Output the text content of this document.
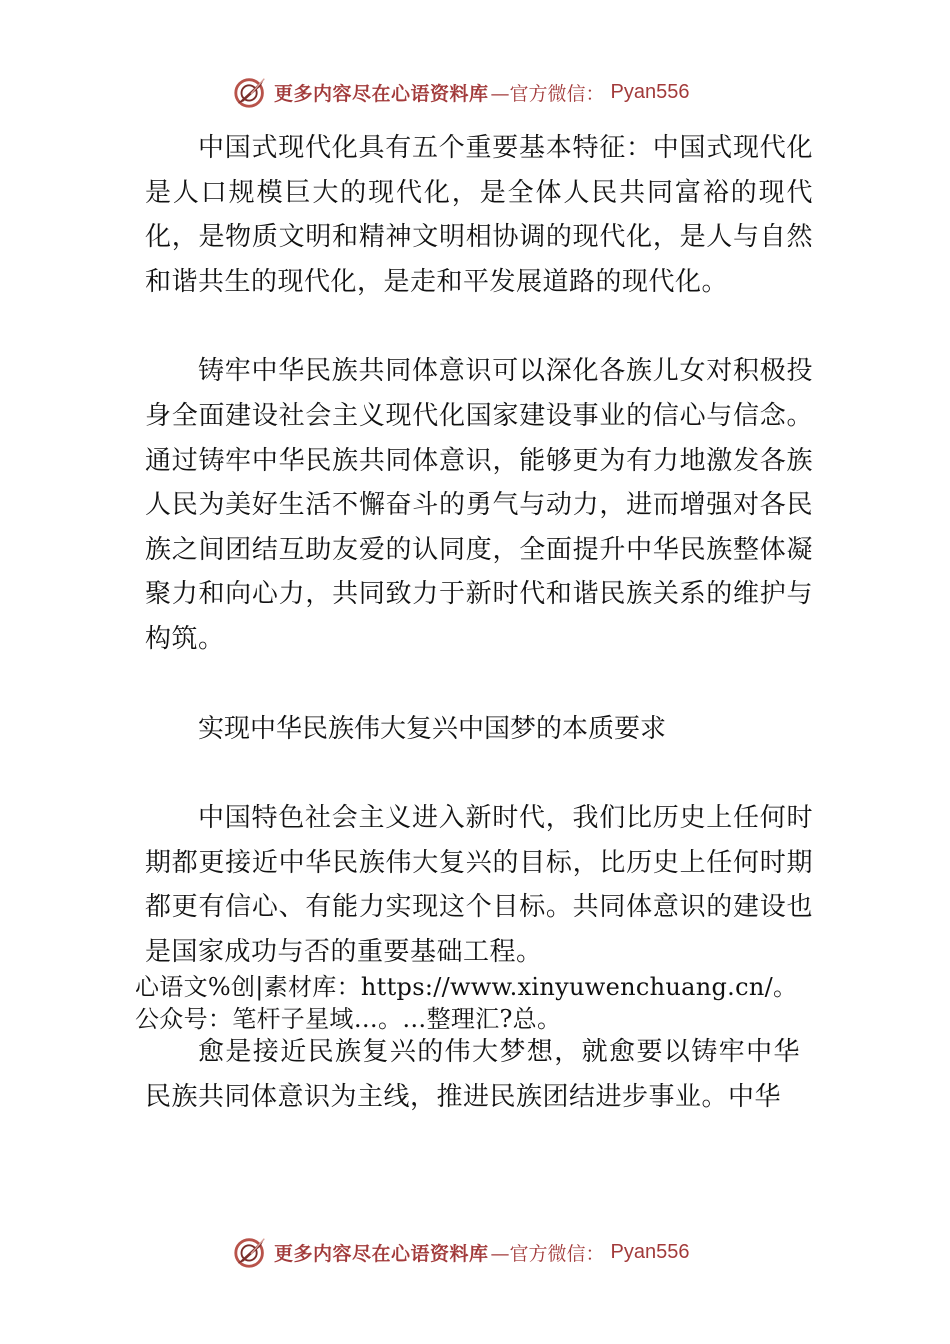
更多内容尽在心语资料库 —官方微信： Pyan556

中国式现代化具有五个重要基本特征：中国式现代化是人口规模巨大的现代化，是全体人民共同富裕的现代化，是物质文明和精神文明相协调的现代化，是人与自然和谐共生的现代化，是走和平发展道路的现代化。

铸牢中华民族共同体意识可以深化各族儿女对积极投身全面建设社会主义现代化国家建设事业的信心与信念。通过铸牢中华民族共同体意识，能够更为有力地激发各族人民为美好生活不懈奋斗的勇气与动力，进而增强对各民族之间团结互助友爱的认同度，全面提升中华民族整体凝聚力和向心力，共同致力于新时代和谐民族关系的维护与构筑。

实现中华民族伟大复兴中国梦的本质要求

中国特色社会主义进入新时代，我们比历史上任何时期都更接近中华民族伟大复兴的目标，比历史上任何时期都更有信心、有能力实现这个目标。共同体意识的建设也是国家成功与否的重要基础工程。

心语文%创|素材库：https://www.xinyuwenchuang.cn/。
公众号：笔杆子星域…。…整理汇?总。

愈是接近民族复兴的伟大梦想，就愈要以铸牢中华民族共同体意识为主线，推进民族团结进步事业。中华

更多内容尽在心语资料库 —官方微信： Pyan556
